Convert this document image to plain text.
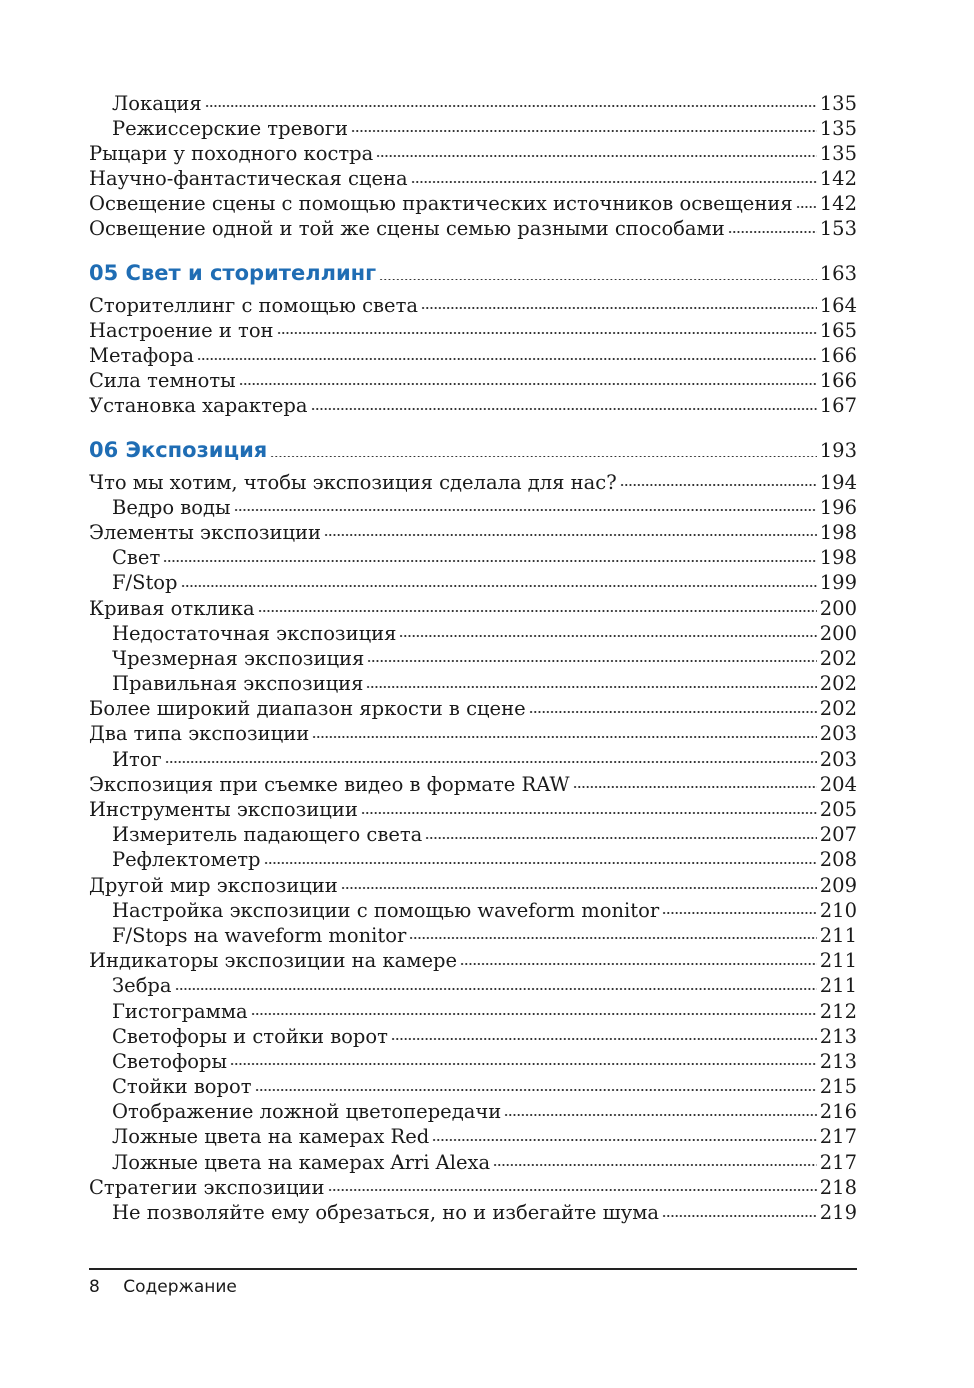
Локация	135
Режиссерские тревоги	135
Рыцари у походного костра	135
Научно-фантастическая сцена	142
Освещение сцены с помощью практических источников освещения 142
Освещение одной и той же сцены семью разными способами	153
05 Свет и сторителлинг	163
Сторителлинг с помощью света	164
Настроение и тон	165
Метафора	166
Сила темноты	166
Установка характера	167
06 Экспозиция	193
Что мы хотим, чтобы экспозиция сделала для нас?	194
Ведро воды	196
Элементы экспозиции	198
Свет	198
F/Stop	199
Кривая отклика	200
Недостаточная экспозиция	200
Чрезмерная экспозиция	202
Правильная экспозиция	202
Более широкий диапазон яркости в сцене	202
Два типа экспозиции	203
Итог	203
Экспозиция при съемке видео в формате RAW	204
Инструменты экспозиции	205
Измеритель падающего света	207
Рефлектометр	208
Другой мир экспозиции	209
Настройка экспозиции с помощью waveform monitor	210
F/Stops на waveform monitor	211
Индикаторы экспозиции на камере	211
Зебра	211
Гистограмма	212
Светофоры и стойки ворот	213
Светофоры	213
Стойки ворот	215
Отображение ложной цветопередачи	216
Ложные цвета на камерах Red	217
Ложные цвета на камерах Arri Alexa	217
Стратегии экспозиции	218
Не позволяйте ему обрезаться, но и избегайте шума	219
8 Содержание
